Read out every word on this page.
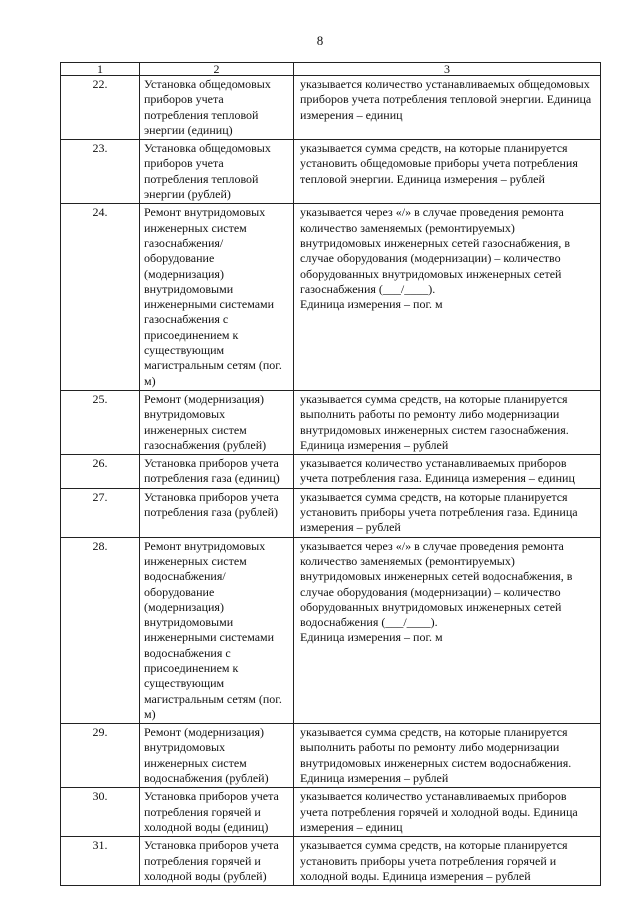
8
1	2	3
22.	Установка общедомовых приборов учета потребления тепловой энергии (единиц)	указывается количество устанавливаемых общедомовых приборов учета потребления тепловой энергии. Единица измерения – единиц
23.	Установка общедомовых приборов учета потребления тепловой энергии (рублей)	указывается сумма средств, на которые планируется установить общедомовые приборы учета потребления тепловой энергии. Единица измерения – рублей
24.	Ремонт внутридомовых инженерных систем газоснабжения/ оборудование (модернизация) внутридомовыми инженерными системами газоснабжения с присоединением к существующим магистральным сетям (пог. м)	указывается через «/» в случае проведения ремонта количество заменяемых (ремонтируемых) внутридомовых инженерных сетей газоснабжения, в случае оборудования (модернизации) – количество оборудованных внутридомовых инженерных сетей газоснабжения (___/____).
Единица измерения – пог. м

25.	Ремонт (модернизация) внутридомовых инженерных систем газоснабжения (рублей)	указывается сумма средств, на которые планируется выполнить работы по ремонту либо модернизации внутридомовых инженерных систем газоснабжения. Единица измерения – рублей
26.	Установка приборов учета потребления газа (единиц)	указывается количество устанавливаемых приборов учета потребления газа. Единица измерения – единиц
27.	Установка приборов учета потребления газа (рублей)	указывается сумма средств, на которые планируется установить приборы учета потребления газа. Единица измерения – рублей
28.	Ремонт внутридомовых инженерных систем водоснабжения/ оборудование (модернизация) внутридомовыми инженерными системами водоснабжения с присоединением к существующим магистральным сетям (пог. м)	указывается через «/» в случае проведения ремонта количество заменяемых (ремонтируемых) внутридомовых инженерных сетей водоснабжения, в случае оборудования (модернизации) – количество оборудованных внутридомовых инженерных сетей водоснабжения (___/____).
Единица измерения – пог. м

29.	Ремонт (модернизация) внутридомовых инженерных систем водоснабжения (рублей)	указывается сумма средств, на которые планируется выполнить работы по ремонту либо модернизации внутридомовых инженерных систем водоснабжения. Единица измерения – рублей
30.	Установка приборов учета потребления горячей и холодной воды (единиц)	указывается количество устанавливаемых приборов учета потребления горячей и холодной воды. Единица измерения – единиц
31.	Установка приборов учета потребления горячей и холодной воды (рублей)	указывается сумма средств, на которые планируется установить приборы учета потребления горячей и холодной воды. Единица измерения – рублей
